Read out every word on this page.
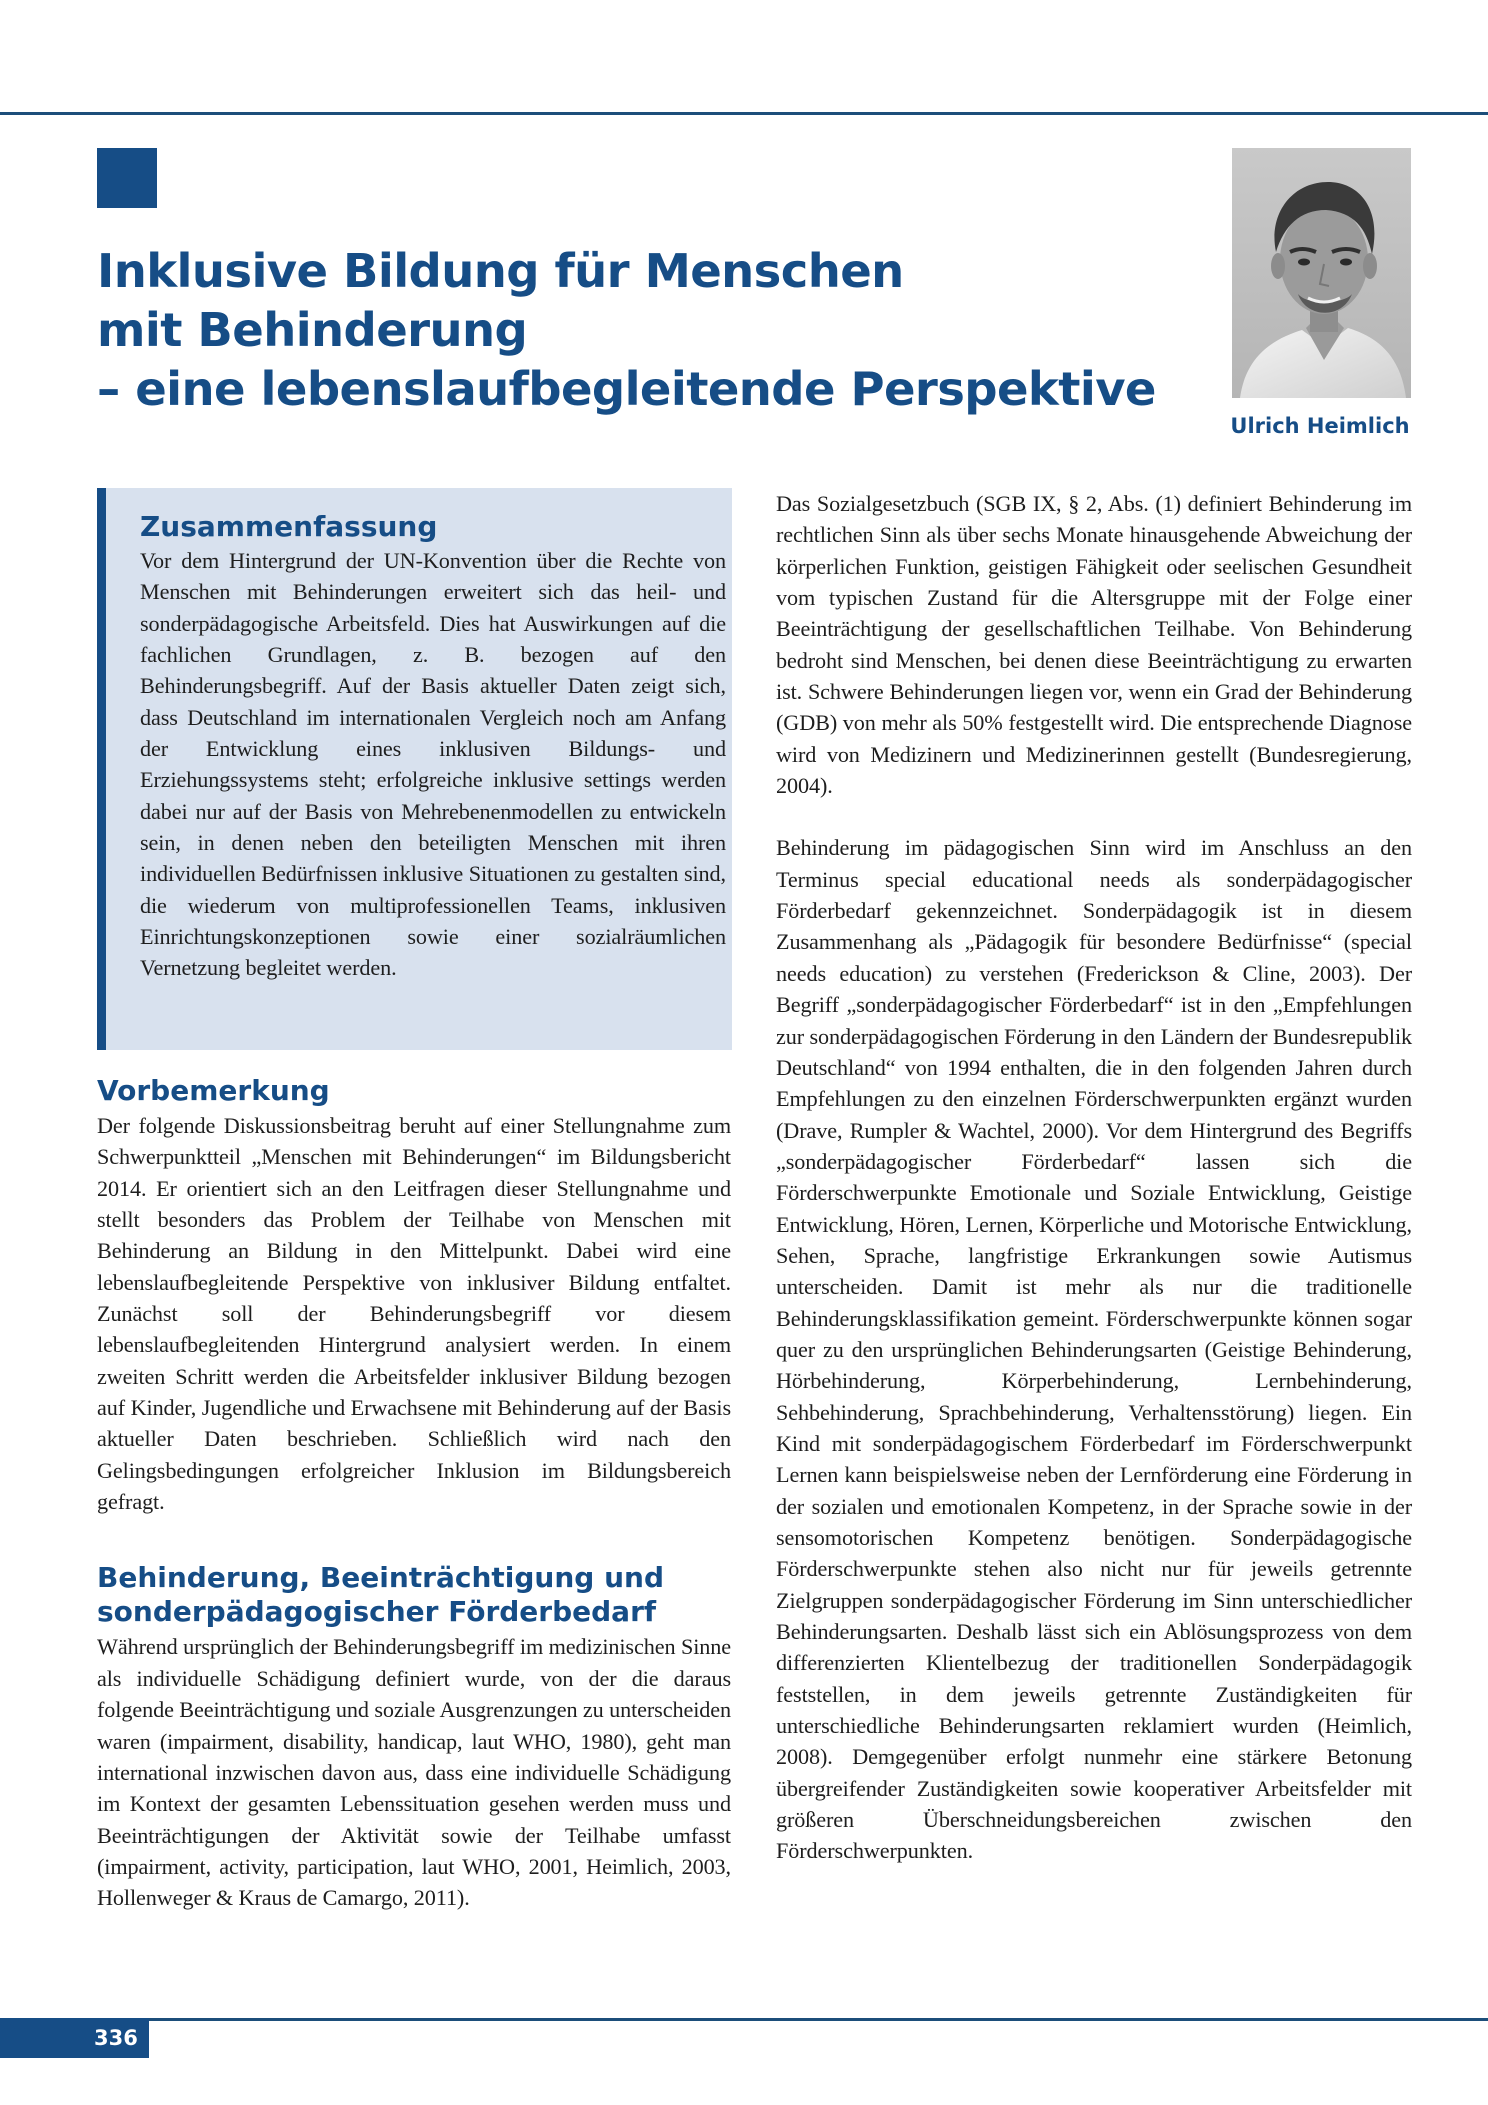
Inklusive Bildung für Menschen
mit Behinderung
– eine lebenslaufbegleitende Perspektive
Ulrich Heimlich
Zusammenfassung

Vor dem Hintergrund der UN-Konvention über die Rechte von Menschen mit Behinderungen erweitert sich das heil- und sonderpädagogische Arbeitsfeld. Dies hat Auswirkungen auf die fachlichen Grundlagen, z. B. bezogen auf den Behinderungsbegriff. Auf der Basis aktueller Daten zeigt sich, dass Deutschland im internationalen Vergleich noch am Anfang der Entwicklung eines inklusiven Bildungs- und Erziehungssystems steht; erfolgreiche inklusive settings werden dabei nur auf der Basis von Mehrebenenmodellen zu entwickeln sein, in denen neben den beteiligten Menschen mit ihren individuellen Bedürfnissen inklusive Situationen zu gestalten sind, die wiederum von multiprofessionellen Teams, inklusiven Einrichtungskonzeptionen sowie einer sozialräumlichen Vernetzung begleitet werden.

Vorbemerkung

Der folgende Diskussionsbeitrag beruht auf einer Stellungnahme zum Schwerpunktteil „Menschen mit Behinderungen“ im Bildungsbericht 2014. Er orientiert sich an den Leitfragen dieser Stellungnahme und stellt besonders das Problem der Teilhabe von Menschen mit Behinderung an Bildung in den Mittelpunkt. Dabei wird eine lebenslaufbegleitende Perspektive von inklusiver Bildung entfaltet. Zunächst soll der Behinderungsbegriff vor diesem lebenslaufbegleitenden Hintergrund analysiert werden. In einem zweiten Schritt werden die Arbeitsfelder inklusiver Bildung bezogen auf Kinder, Jugendliche und Erwachsene mit Behinderung auf der Basis aktueller Daten beschrieben. Schließlich wird nach den Gelingsbedingungen erfolgreicher Inklusion im Bildungsbereich gefragt.

Behinderung, Beeinträchtigung und
sonderpädagogischer Förderbedarf

Während ursprünglich der Behinderungsbegriff im medizinischen Sinne als individuelle Schädigung definiert wurde, von der die daraus folgende Beeinträchtigung und soziale Ausgrenzungen zu unterscheiden waren (impairment, disability, handicap, laut WHO, 1980), geht man international inzwischen davon aus, dass eine individuelle Schädigung im Kontext der gesamten Lebenssituation gesehen werden muss und Beeinträchtigungen der Aktivität sowie der Teilhabe umfasst (impairment, activity, participation, laut WHO, 2001, Heimlich, 2003, Hollenweger & Kraus de Camargo, 2011).

Das Sozialgesetzbuch (SGB IX, § 2, Abs. (1) definiert Behinderung im rechtlichen Sinn als über sechs Monate hinausgehende Abweichung der körperlichen Funktion, geistigen Fähigkeit oder seelischen Gesundheit vom typischen Zustand für die Altersgruppe mit der Folge einer Beeinträchtigung der gesellschaftlichen Teilhabe. Von Behinderung bedroht sind Menschen, bei denen diese Beeinträchtigung zu erwarten ist. Schwere Behinderungen liegen vor, wenn ein Grad der Behinderung (GDB) von mehr als 50% festgestellt wird. Die entsprechende Diagnose wird von Medizinern und Medizinerinnen gestellt (Bundesregierung, 2004).

Behinderung im pädagogischen Sinn wird im Anschluss an den Terminus special educational needs als sonderpädagogischer Förderbedarf gekennzeichnet. Sonderpädagogik ist in diesem Zusammenhang als „Pädagogik für besondere Bedürfnisse“ (special needs education) zu verstehen (Frederickson & Cline, 2003). Der Begriff „sonderpädagogischer Förderbedarf“ ist in den „Empfehlungen zur sonderpädagogischen Förderung in den Ländern der Bundesrepublik Deutschland“ von 1994 enthalten, die in den folgenden Jahren durch Empfehlungen zu den einzelnen Förderschwerpunkten ergänzt wurden (Drave, Rumpler & Wachtel, 2000). Vor dem Hintergrund des Begriffs „sonderpädagogischer Förderbedarf“ lassen sich die Förderschwerpunkte Emotionale und Soziale Entwicklung, Geistige Entwicklung, Hören, Lernen, Körperliche und Motorische Entwicklung, Sehen, Sprache, langfristige Erkrankungen sowie Autismus unterscheiden. Damit ist mehr als nur die traditionelle Behinderungsklassifikation gemeint. Förderschwerpunkte können sogar quer zu den ursprünglichen Behinderungsarten (Geistige Behinderung, Hörbehinderung, Körperbehinderung, Lernbehinderung, Sehbehinderung, Sprachbehinderung, Verhaltensstörung) liegen. Ein Kind mit sonderpädagogischem Förderbedarf im Förderschwerpunkt Lernen kann beispielsweise neben der Lernförderung eine Förderung in der sozialen und emotionalen Kompetenz, in der Sprache sowie in der sensomotorischen Kompetenz benötigen. Sonderpädagogische Förderschwerpunkte stehen also nicht nur für jeweils getrennte Zielgruppen sonderpädagogischer Förderung im Sinn unterschiedlicher Behinderungsarten. Deshalb lässt sich ein Ablösungsprozess von dem differenzierten Klientelbezug der traditionellen Sonderpädagogik feststellen, in dem jeweils getrennte Zuständigkeiten für unterschiedliche Behinderungsarten reklamiert wurden (Heimlich, 2008). Demgegenüber erfolgt nunmehr eine stärkere Betonung übergreifender Zuständigkeiten sowie kooperativer Arbeitsfelder mit größeren Überschneidungsbereichen zwischen den Förderschwerpunkten.

336
